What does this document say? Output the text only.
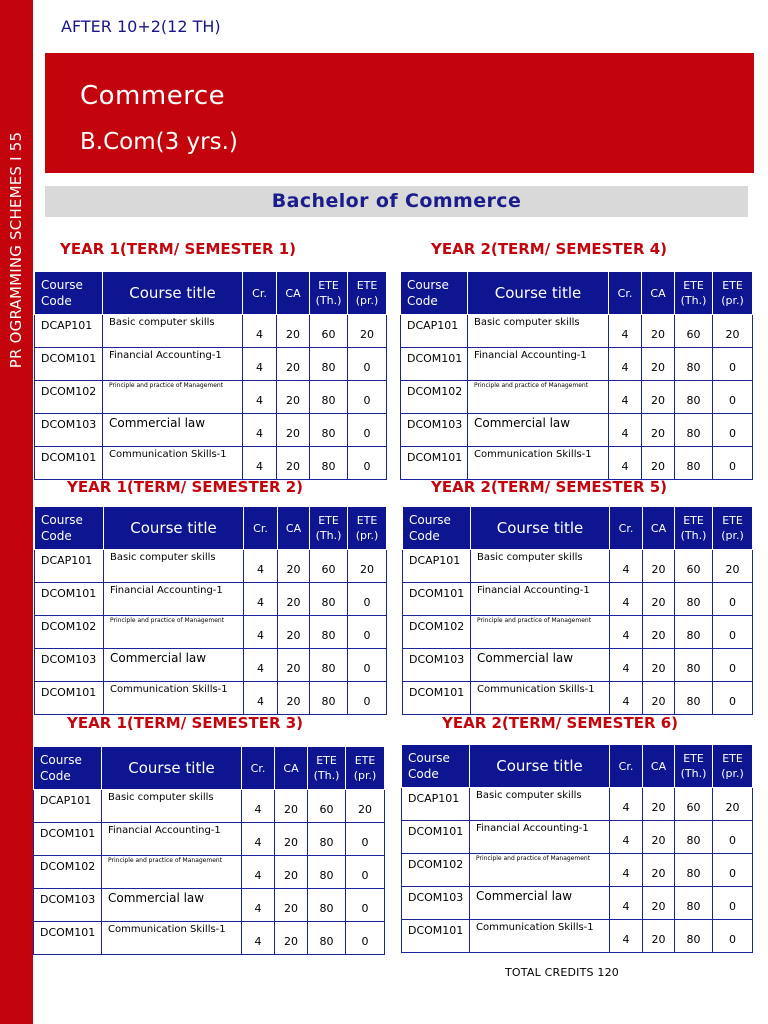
PR OGRAMMING SCHEMES I 55
AFTER 10+2(12 TH)
Commerce
B.Com(3 yrs.)
Bachelor of Commerce
YEAR 1(TERM/ SEMESTER 1)
Course Code	Course title	Cr.	CA	ETE (Th.)	ETE (pr.)
DCAP101	Basic computer skills	4	20	60	20
DCOM101	Financial Accounting-1	4	20	80	0
DCOM102	Principle and practice of Management	4	20	80	0
DCOM103	Commercial law	4	20	80	0
DCOM101	Communication Skills-1	4	20	80	0
YEAR 2(TERM/ SEMESTER 4)
Course Code	Course title	Cr.	CA	ETE (Th.)	ETE (pr.)
DCAP101	Basic computer skills	4	20	60	20
DCOM101	Financial Accounting-1	4	20	80	0
DCOM102	Principle and practice of Management	4	20	80	0
DCOM103	Commercial law	4	20	80	0
DCOM101	Communication Skills-1	4	20	80	0
YEAR 1(TERM/ SEMESTER 2)
Course Code	Course title	Cr.	CA	ETE (Th.)	ETE (pr.)
DCAP101	Basic computer skills	4	20	60	20
DCOM101	Financial Accounting-1	4	20	80	0
DCOM102	Principle and practice of Management	4	20	80	0
DCOM103	Commercial law	4	20	80	0
DCOM101	Communication Skills-1	4	20	80	0
YEAR 2(TERM/ SEMESTER 5)
Course Code	Course title	Cr.	CA	ETE (Th.)	ETE (pr.)
DCAP101	Basic computer skills	4	20	60	20
DCOM101	Financial Accounting-1	4	20	80	0
DCOM102	Principle and practice of Management	4	20	80	0
DCOM103	Commercial law	4	20	80	0
DCOM101	Communication Skills-1	4	20	80	0
YEAR 1(TERM/ SEMESTER 3)
Course Code	Course title	Cr.	CA	ETE (Th.)	ETE (pr.)
DCAP101	Basic computer skills	4	20	60	20
DCOM101	Financial Accounting-1	4	20	80	0
DCOM102	Principle and practice of Management	4	20	80	0
DCOM103	Commercial law	4	20	80	0
DCOM101	Communication Skills-1	4	20	80	0
YEAR 2(TERM/ SEMESTER 6)
Course Code	Course title	Cr.	CA	ETE (Th.)	ETE (pr.)
DCAP101	Basic computer skills	4	20	60	20
DCOM101	Financial Accounting-1	4	20	80	0
DCOM102	Principle and practice of Management	4	20	80	0
DCOM103	Commercial law	4	20	80	0
DCOM101	Communication Skills-1	4	20	80	0
TOTAL CREDITS 120
